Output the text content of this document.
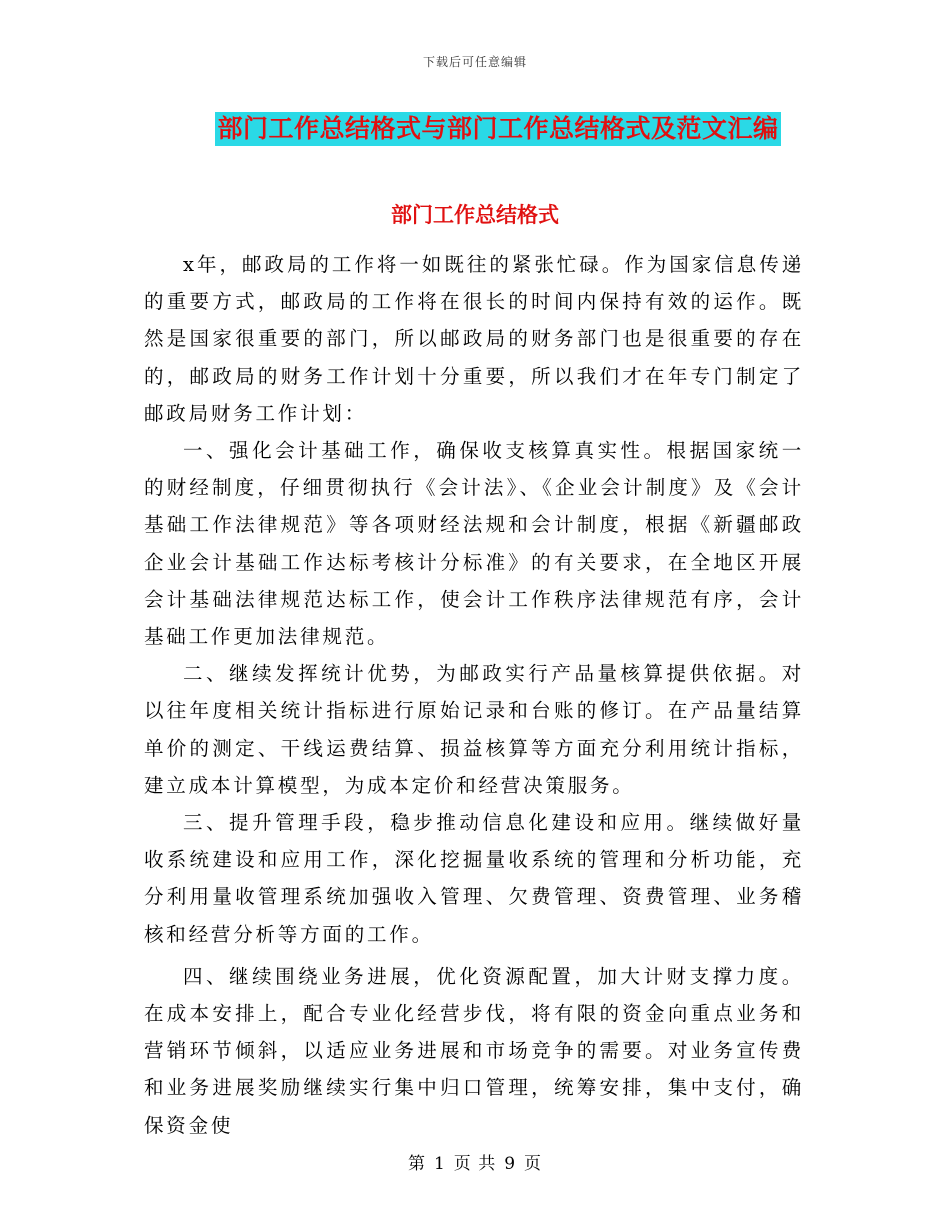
下载后可任意编辑
部门工作总结格式与部门工作总结格式及范文汇编
部门工作总结格式

x年，邮政局的工作将一如既往的紧张忙碌。作为国家信息传递的重要方式，邮政局的工作将在很长的时间内保持有效的运作。既然是国家很重要的部门，所以邮政局的财务部门也是很重要的存在的，邮政局的财务工作计划十分重要，所以我们才在年专门制定了邮政局财务工作计划：

一、强化会计基础工作，确保收支核算真实性。根据国家统一的财经制度，仔细贯彻执行《会计法》、《企业会计制度》及《会计基础工作法律规范》等各项财经法规和会计制度，根据《新疆邮政企业会计基础工作达标考核计分标准》的有关要求，在全地区开展会计基础法律规范达标工作，使会计工作秩序法律规范有序，会计基础工作更加法律规范。

二、继续发挥统计优势，为邮政实行产品量核算提供依据。对以往年度相关统计指标进行原始记录和台账的修订。在产品量结算单价的测定、干线运费结算、损益核算等方面充分利用统计指标，建立成本计算模型，为成本定价和经营决策服务。

三、提升管理手段，稳步推动信息化建设和应用。继续做好量收系统建设和应用工作，深化挖掘量收系统的管理和分析功能，充分利用量收管理系统加强收入管理、欠费管理、资费管理、业务稽核和经营分析等方面的工作。

四、继续围绕业务进展，优化资源配置，加大计财支撑力度。在成本安排上，配合专业化经营步伐，将有限的资金向重点业务和营销环节倾斜，以适应业务进展和市场竞争的需要。对业务宣传费和业务进展奖励继续实行集中归口管理，统筹安排，集中支付，确保资金使

第 1 页 共 9 页
